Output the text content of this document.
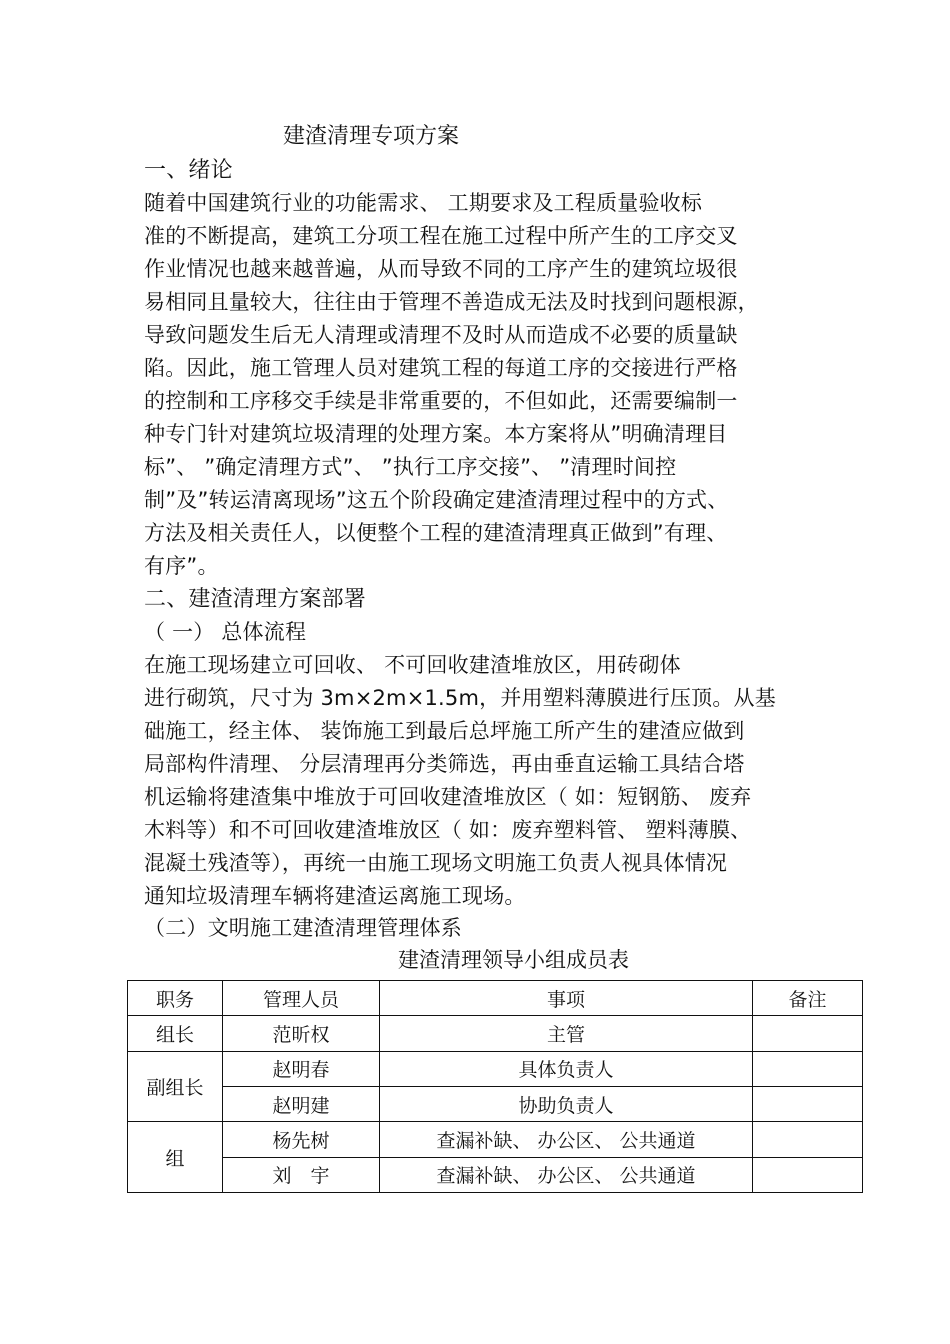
建渣清理专项方案
一、绪论
随着中国建筑行业的功能需求、 工期要求及工程质量验收标
准的不断提高，建筑工分项工程在施工过程中所产生的工序交叉
作业情况也越来越普遍，从而导致不同的工序产生的建筑垃圾很
易相同且量较大，往往由于管理不善造成无法及时找到问题根源，
导致问题发生后无人清理或清理不及时从而造成不必要的质量缺
陷。因此，施工管理人员对建筑工程的每道工序的交接进行严格
的控制和工序移交手续是非常重要的，不但如此，还需要编制一
种专门针对建筑垃圾清理的处理方案。本方案将从”明确清理目
标”、 ”确定清理方式”、 ”执行工序交接”、 ”清理时间控
制”及”转运清离现场”这五个阶段确定建渣清理过程中的方式、
方法及相关责任人，以便整个工程的建渣清理真正做到”有理、
有序”。
二、建渣清理方案部署
（ 一） 总体流程
在施工现场建立可回收、 不可回收建渣堆放区，用砖砌体
进行砌筑，尺寸为 3m×2m×1.5m，并用塑料薄膜进行压顶。从基
础施工，经主体、 装饰施工到最后总坪施工所产生的建渣应做到
局部构件清理、 分层清理再分类筛选，再由垂直运输工具结合塔
机运输将建渣集中堆放于可回收建渣堆放区（ 如：短钢筋、 废弃
木料等）和不可回收建渣堆放区（ 如：废弃塑料管、 塑料薄膜、
混凝土残渣等），再统一由施工现场文明施工负责人视具体情况
通知垃圾清理车辆将建渣运离施工现场。
（二）文明施工建渣清理管理体系
建渣清理领导小组成员表
职务	管理人员	事项	备注
组长	范昕权	主管	
副组长	赵明春	具体负责人	
	赵明建	协助负责人	
组	杨先树	查漏补缺、 办公区、 公共通道	
	刘　宇	查漏补缺、 办公区、 公共通道	
